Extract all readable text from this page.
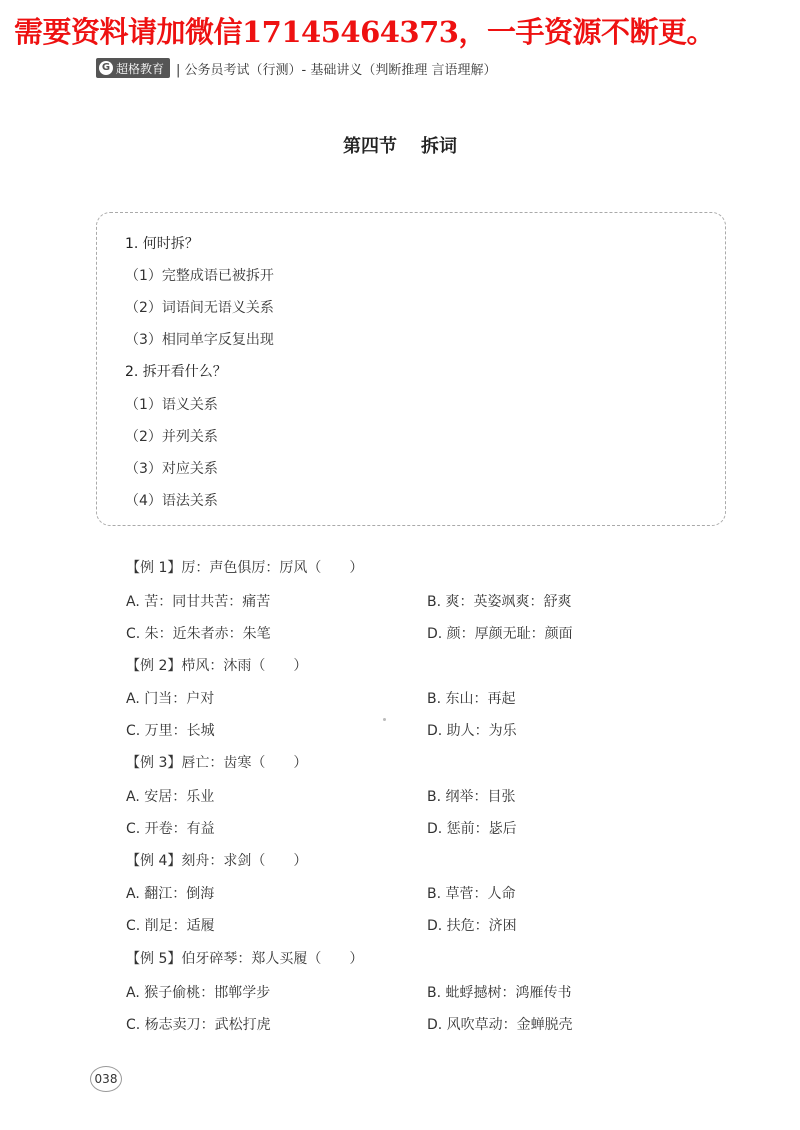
需要资料请加微信17145464373，一手资源不断更。
G 超格教育 | 公务员考试（行测）- 基础讲义（判断推理 言语理解）
第四节 拆词
1. 何时拆？
（1）完整成语已被拆开
（2）词语间无语义关系
（3）相同单字反复出现
2. 拆开看什么？
（1）语义关系
（2）并列关系
（3）对应关系
（4）语法关系
【例 1】厉：声色俱厉：厉风（　　）
A. 苦：同甘共苦：痛苦	B. 爽：英姿飒爽：舒爽
C. 朱：近朱者赤：朱笔	D. 颜：厚颜无耻：颜面
【例 2】栉风：沐雨（　　）
A. 门当：户对	B. 东山：再起
C. 万里：长城	D. 助人：为乐
【例 3】唇亡：齿寒（　　）
A. 安居：乐业	B. 纲举：目张
C. 开卷：有益	D. 惩前：毖后
【例 4】刻舟：求剑（　　）
A. 翻江：倒海	B. 草菅：人命
C. 削足：适履	D. 扶危：济困
【例 5】伯牙碎琴：郑人买履（　　）
A. 猴子偷桃：邯郸学步	B. 蚍蜉撼树：鸿雁传书
C. 杨志卖刀：武松打虎	D. 风吹草动：金蝉脱壳
038
